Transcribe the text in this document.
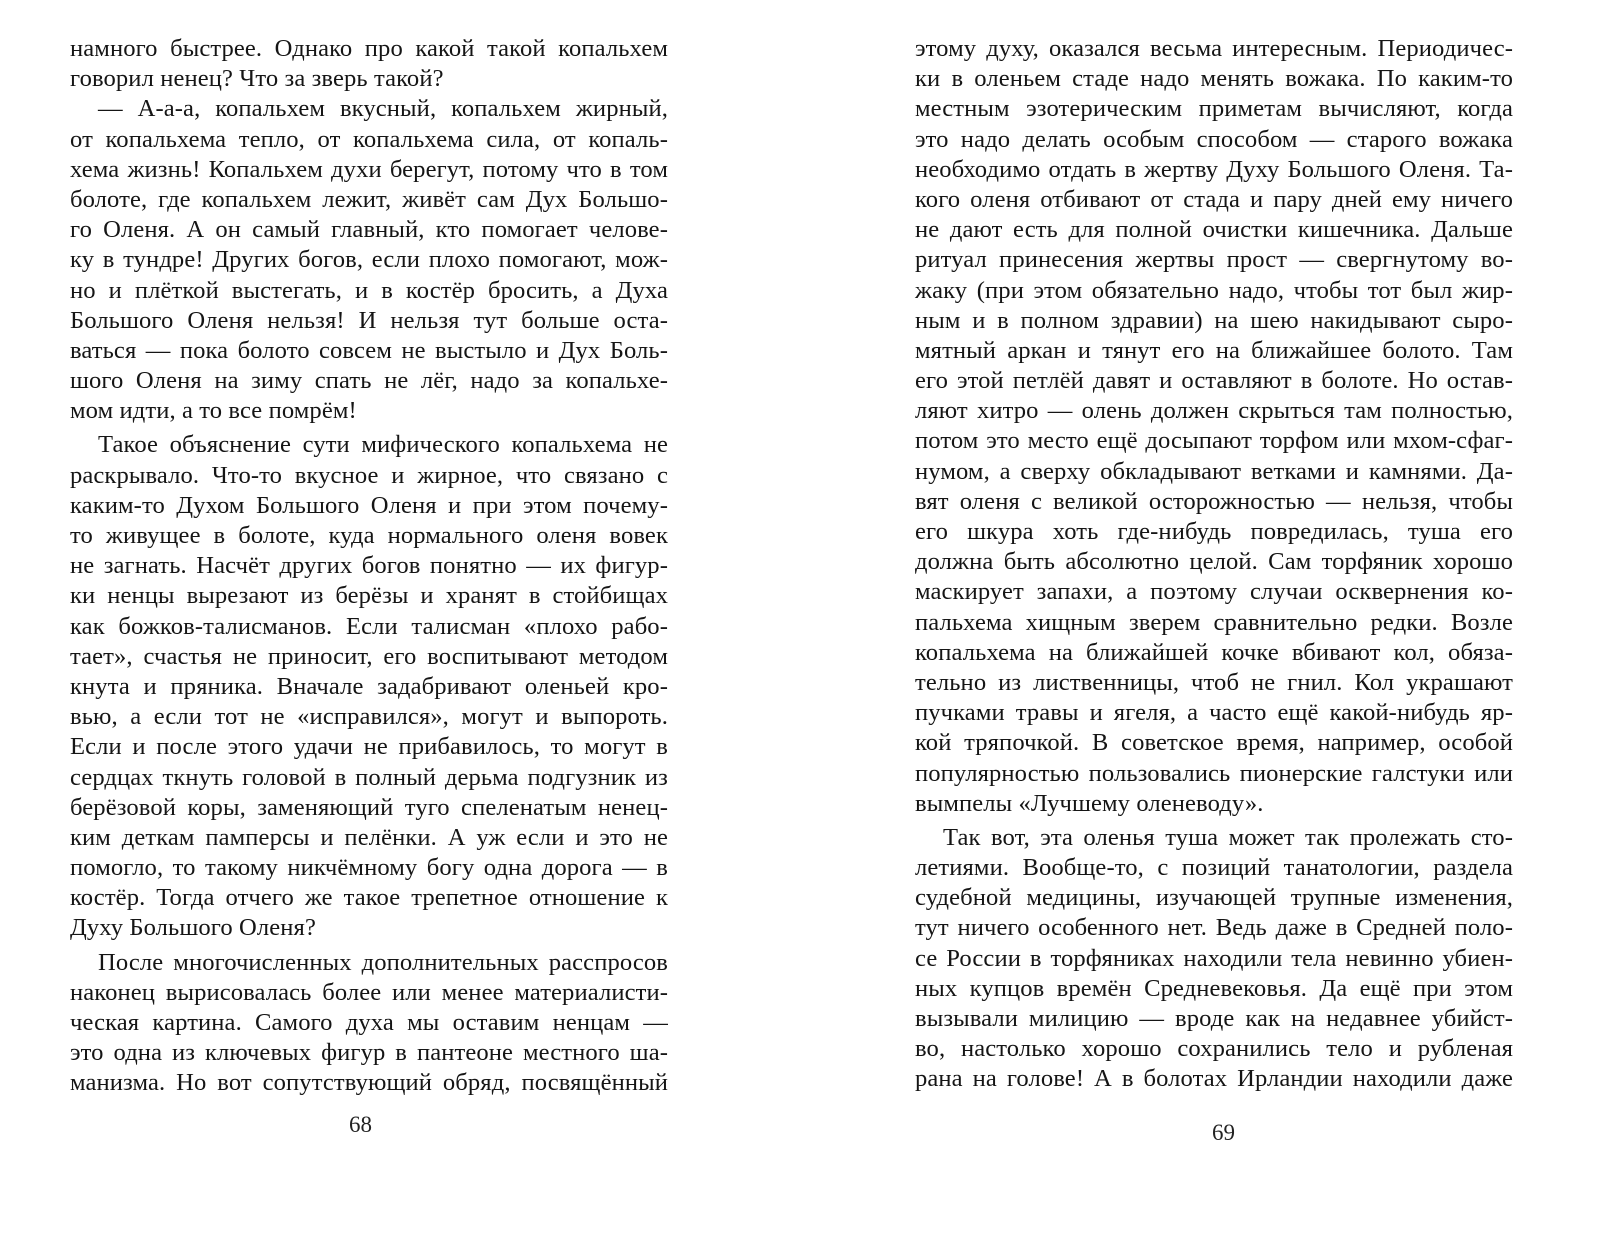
намного быстрее. Однако про какой такой копальхем
говорил ненец? Что за зверь такой?
— А-а-а, копальхем вкусный, копальхем жирный,
от копальхема тепло, от копальхема сила, от копаль-
хема жизнь! Копальхем духи берегут, потому что в том
болоте, где копальхем лежит, живёт сам Дух Большо-
го Оленя. А он самый главный, кто помогает челове-
ку в тундре! Других богов, если плохо помогают, мож-
но и плёткой выстегать, и в костёр бросить, а Духа
Большого Оленя нельзя! И нельзя тут больше оста-
ваться — пока болото совсем не выстыло и Дух Боль-
шого Оленя на зиму спать не лёг, надо за копальхе-
мом идти, а то все помрём!
Такое объяснение сути мифического копальхема не
раскрывало. Что-то вкусное и жирное, что связано с
каким-то Духом Большого Оленя и при этом почему-
то живущее в болоте, куда нормального оленя вовек
не загнать. Насчёт других богов понятно — их фигур-
ки ненцы вырезают из берёзы и хранят в стойбищах
как божков-талисманов. Если талисман «плохо рабо-
тает», счастья не приносит, его воспитывают методом
кнута и пряника. Вначале задабривают оленьей кро-
вью, а если тот не «исправился», могут и выпороть.
Если и после этого удачи не прибавилось, то могут в
сердцах ткнуть головой в полный дерьма подгузник из
берёзовой коры, заменяющий туго спеленатым ненец-
ким деткам памперсы и пелёнки. А уж если и это не
помогло, то такому никчёмному богу одна дорога — в
костёр. Тогда отчего же такое трепетное отношение к
Духу Большого Оленя?
После многочисленных дополнительных расспросов
наконец вырисовалась более или менее материалисти-
ческая картина. Самого духа мы оставим ненцам —
это одна из ключевых фигур в пантеоне местного ша-
манизма. Но вот сопутствующий обряд, посвящённый
этому духу, оказался весьма интересным. Периодичес-
ки в оленьем стаде надо менять вожака. По каким-то
местным эзотерическим приметам вычисляют, когда
это надо делать особым способом — старого вожака
необходимо отдать в жертву Духу Большого Оленя. Та-
кого оленя отбивают от стада и пару дней ему ничего
не дают есть для полной очистки кишечника. Дальше
ритуал принесения жертвы прост — свергнутому во-
жаку (при этом обязательно надо, чтобы тот был жир-
ным и в полном здравии) на шею накидывают сыро-
мятный аркан и тянут его на ближайшее болото. Там
его этой петлёй давят и оставляют в болоте. Но остав-
ляют хитро — олень должен скрыться там полностью,
потом это место ещё досыпают торфом или мхом-сфаг-
нумом, а сверху обкладывают ветками и камнями. Да-
вят оленя с великой осторожностью — нельзя, чтобы
его шкура хоть где-нибудь повредилась, туша его
должна быть абсолютно целой. Сам торфяник хорошо
маскирует запахи, а поэтому случаи осквернения ко-
пальхема хищным зверем сравнительно редки. Возле
копальхема на ближайшей кочке вбивают кол, обяза-
тельно из лиственницы, чтоб не гнил. Кол украшают
пучками травы и ягеля, а часто ещё какой-нибудь яр-
кой тряпочкой. В советское время, например, особой
популярностью пользовались пионерские галстуки или
вымпелы «Лучшему оленеводу».
Так вот, эта оленья туша может так пролежать сто-
летиями. Вообще-то, с позиций танатологии, раздела
судебной медицины, изучающей трупные изменения,
тут ничего особенного нет. Ведь даже в Средней поло-
се России в торфяниках находили тела невинно убиен-
ных купцов времён Средневековья. Да ещё при этом
вызывали милицию — вроде как на недавнее убийст-
во, настолько хорошо сохранились тело и рубленая
рана на голове! А в болотах Ирландии находили даже
68	69
